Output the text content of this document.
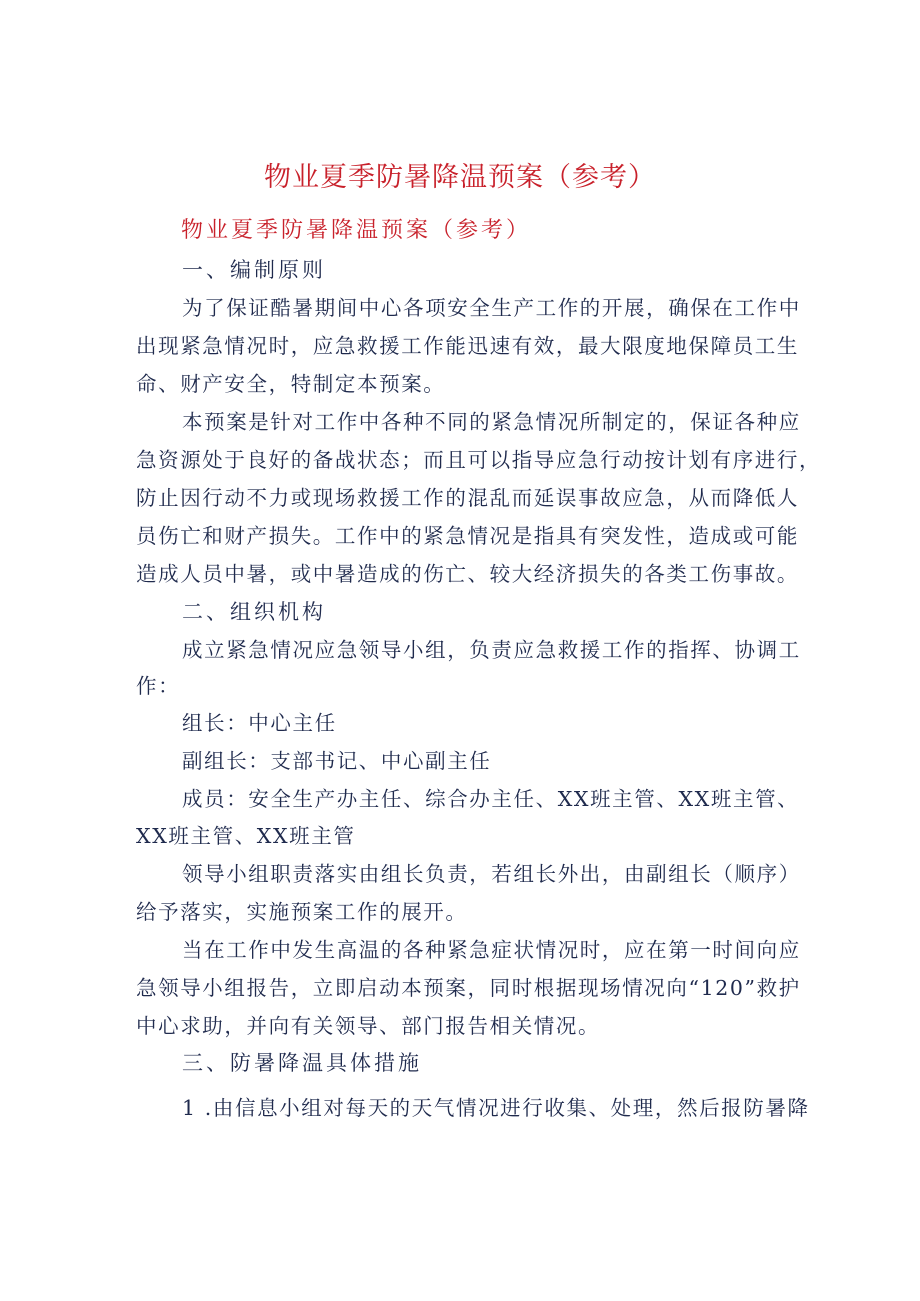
物业夏季防暑降温预案（参考）
物业夏季防暑降温预案（参考）
一、编制原则
为了保证酷暑期间中心各项安全生产工作的开展，确保在工作中
出现紧急情况时，应急救援工作能迅速有效，最大限度地保障员工生
命、财产安全，特制定本预案。
本预案是针对工作中各种不同的紧急情况所制定的，保证各种应
急资源处于良好的备战状态；而且可以指导应急行动按计划有序进行，
防止因行动不力或现场救援工作的混乱而延误事故应急，从而降低人
员伤亡和财产损失。工作中的紧急情况是指具有突发性，造成或可能
造成人员中暑，或中暑造成的伤亡、较大经济损失的各类工伤事故。
二、组织机构
成立紧急情况应急领导小组，负责应急救援工作的指挥、协调工
作：
组长：中心主任
副组长：支部书记、中心副主任
成员：安全生产办主任、综合办主任、XX班主管、XX班主管、
XX班主管、XX班主管
领导小组职责落实由组长负责，若组长外出，由副组长（顺序）
给予落实，实施预案工作的展开。
当在工作中发生高温的各种紧急症状情况时，应在第一时间向应
急领导小组报告，立即启动本预案，同时根据现场情况向“120”救护
中心求助，并向有关领导、部门报告相关情况。
三、防暑降温具体措施
1 .由信息小组对每天的天气情况进行收集、处理，然后报防暑降
